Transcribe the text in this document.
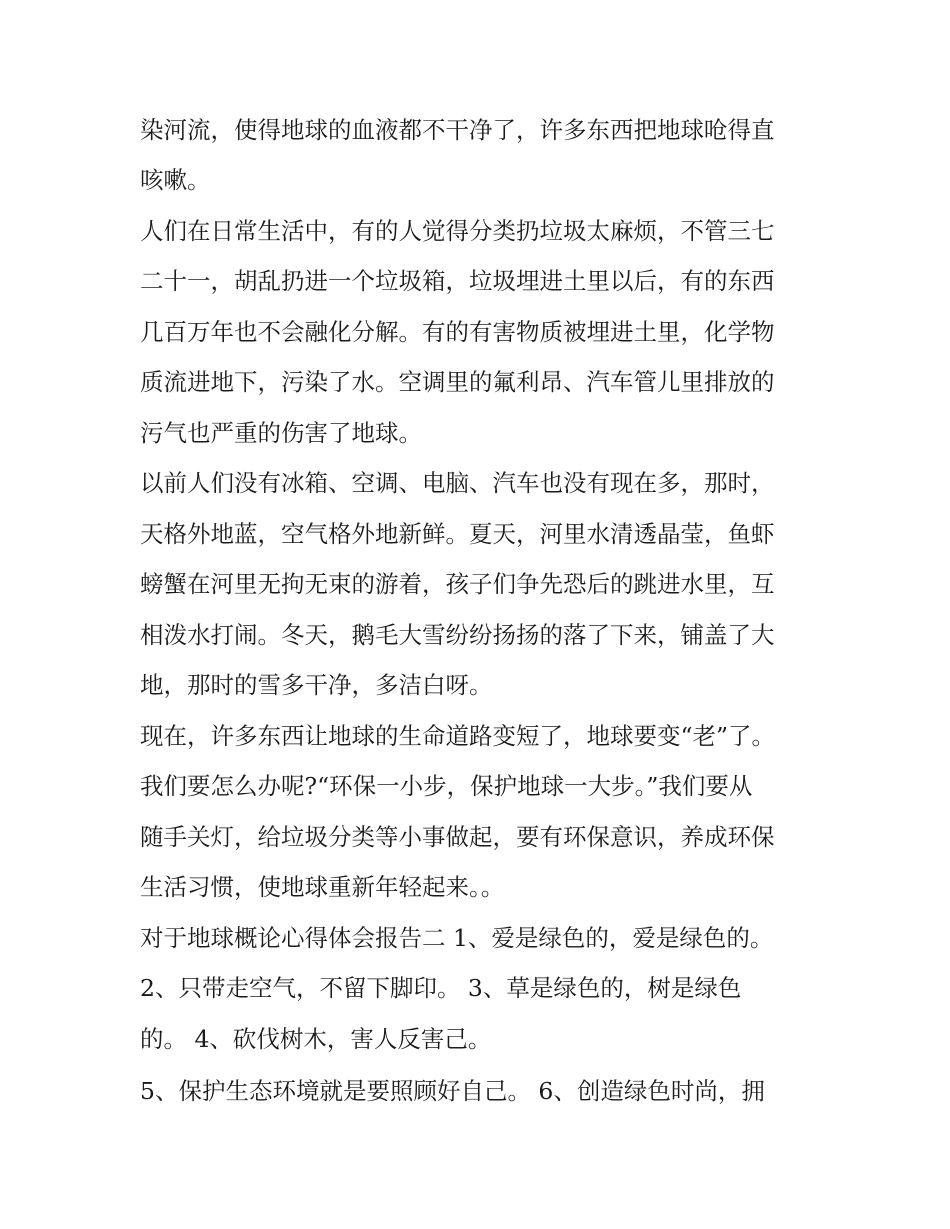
染河流，使得地球的血液都不干净了，许多东西把地球呛得直
咳嗽。
人们在日常生活中，有的人觉得分类扔垃圾太麻烦，不管三七
二十一，胡乱扔进一个垃圾箱，垃圾埋进土里以后，有的东西
几百万年也不会融化分解。有的有害物质被埋进土里，化学物
质流进地下，污染了水。空调里的氟利昂、汽车管儿里排放的
污气也严重的伤害了地球。
以前人们没有冰箱、空调、电脑、汽车也没有现在多，那时，
天格外地蓝，空气格外地新鲜。夏天，河里水清透晶莹，鱼虾
螃蟹在河里无拘无束的游着，孩子们争先恐后的跳进水里，互
相泼水打闹。冬天，鹅毛大雪纷纷扬扬的落了下来，铺盖了大
地，那时的雪多干净，多洁白呀。
现在，许多东西让地球的生命道路变短了，地球要变“老”了。
我们要怎么办呢?“环保一小步，保护地球一大步。”我们要从
随手关灯，给垃圾分类等小事做起，要有环保意识，养成环保
生活习惯，使地球重新年轻起来。。
对于地球概论心得体会报告二 1、爱是绿色的，爱是绿色的。
2、只带走空气，不留下脚印。 3、草是绿色的，树是绿色
的。 4、砍伐树木，害人反害己。
5、保护生态环境就是要照顾好自己。 6、创造绿色时尚，拥
